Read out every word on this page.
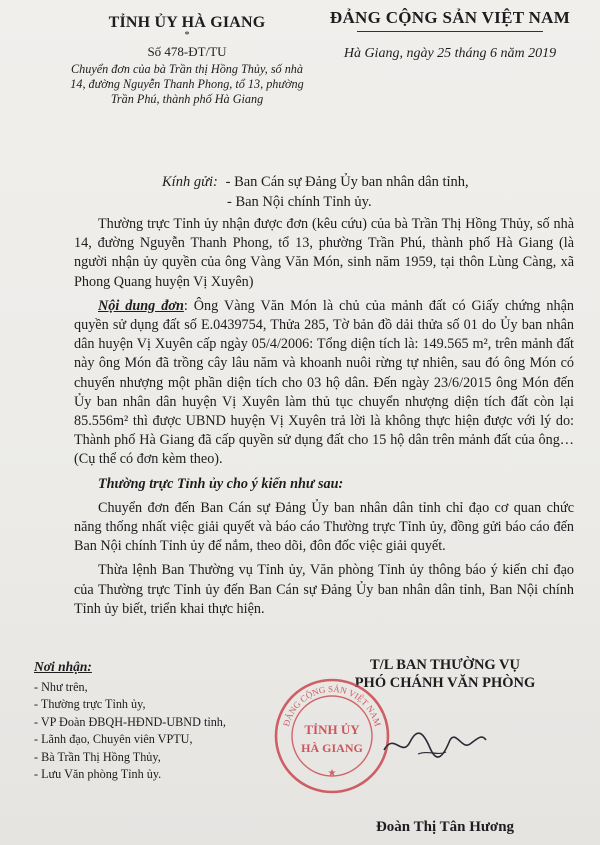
TỈNH ỦY HÀ GIANG
*
Số 478-ĐT/TU
Chuyển đơn của bà Trần thị Hồng Thủy, số nhà 14, đường Nguyễn Thanh Phong, tổ 13, phường Trần Phú, thành phố Hà Giang
ĐẢNG CỘNG SẢN VIỆT NAM
Hà Giang, ngày 25 tháng 6 năm 2019
Kính gửi: - Ban Cán sự Đảng Ủy ban nhân dân tỉnh,
- Ban Nội chính Tỉnh ủy.

Thường trực Tỉnh ủy nhận được đơn (kêu cứu) của bà Trần Thị Hồng Thủy, số nhà 14, đường Nguyễn Thanh Phong, tổ 13, phường Trần Phú, thành phố Hà Giang (là người nhận ủy quyền của ông Vàng Văn Món, sinh năm 1959, tại thôn Lùng Càng, xã Phong Quang huyện Vị Xuyên)

Nội dung đơn: Ông Vàng Văn Món là chủ của mảnh đất có Giấy chứng nhận quyền sử dụng đất số E.0439754, Thửa 285, Tờ bản đồ dải thửa số 01 do Ủy ban nhân dân huyện Vị Xuyên cấp ngày 05/4/2006: Tổng diện tích là: 149.565 m², trên mảnh đất này ông Món đã trồng cây lâu năm và khoanh nuôi rừng tự nhiên, sau đó ông Món có chuyển nhượng một phần diện tích cho 03 hộ dân. Đến ngày 23/6/2015 ông Món đến Ủy ban nhân dân huyện Vị Xuyên làm thủ tục chuyển nhượng diện tích đất còn lại 85.556m² thì được UBND huyện Vị Xuyên trả lời là không thực hiện được với lý do: Thành phố Hà Giang đã cấp quyền sử dụng đất cho 15 hộ dân trên mảnh đất của ông… (Cụ thể có đơn kèm theo).

Thường trực Tỉnh ủy cho ý kiến như sau:

Chuyển đơn đến Ban Cán sự Đảng Ủy ban nhân dân tỉnh chỉ đạo cơ quan chức năng thống nhất việc giải quyết và báo cáo Thường trực Tỉnh ủy, đồng gửi báo cáo đến Ban Nội chính Tỉnh ủy để nắm, theo dõi, đôn đốc việc giải quyết.

Thừa lệnh Ban Thường vụ Tỉnh ủy, Văn phòng Tỉnh ủy thông báo ý kiến chỉ đạo của Thường trực Tỉnh ủy đến Ban Cán sự Đảng Ủy ban nhân dân tỉnh, Ban Nội chính Tỉnh ủy biết, triển khai thực hiện.

Nơi nhận:
- Như trên,
- Thường trực Tỉnh ủy,
- VP Đoàn ĐBQH-HĐND-UBND tỉnh,
- Lãnh đạo, Chuyên viên VPTU,
- Bà Trần Thị Hồng Thủy,
- Lưu Văn phòng Tỉnh ủy.
T/L BAN THƯỜNG VỤ
PHÓ CHÁNH VĂN PHÒNG
Đoàn Thị Tân Hương
ĐẢNG CỘNG SẢN VIỆT NAM
TỈNH ỦY
HÀ GIANG
★
